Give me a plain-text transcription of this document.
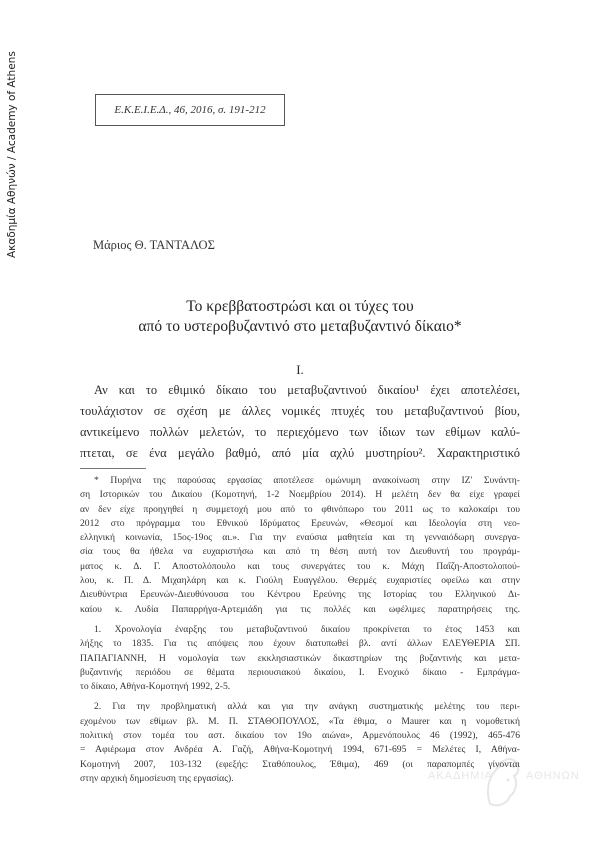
Ακαδημία Αθηνών / Academy of Athens	Ε.Κ.Ε.Ι.Ε.Δ., 46, 2016, σ. 191-212
Μάριος Θ. ΤΑΝΤΑΛΟΣ
Το κρεββατοστρώσι και οι τύχες του
από το υστεροβυζαντινό στο μεταβυζαντινό δίκαιο*
Ι.
Αν και το εθιμικό δίκαιο του μεταβυζαντινού δικαίου¹ έχει αποτελέσει,
τουλάχιστον σε σχέση με άλλες νομικές πτυχές του μεταβυζαντινού βίου,
αντικείμενο πολλών μελετών, το περιεχόμενο των ίδιων των εθίμων καλύ-
πτεται, σε ένα μεγάλο βαθμό, από μία αχλύ μυστηρίου². Χαρακτηριστικό
* Πυρήνα της παρούσας εργασίας αποτέλεσε ομώνυμη ανακοίνωση στην ΙΖ' Συνάντη-
ση Ιστορικών του Δικαίου (Κομοτηνή, 1-2 Νοεμβρίου 2014). Η μελέτη δεν θα είχε γραφεί
αν δεν είχε προηγηθεί η συμμετοχή μου από το φθινόπωρο του 2011 ως το καλοκαίρι του
2012 στο πρόγραμμα του Εθνικού Ιδρύματος Ερευνών, «Θεσμοί και Ιδεολογία στη νεο-
ελληνική κοινωνία, 15ος-19ος αι.». Για την εναύσια μαθητεία και τη γενναιόδωρη συνεργα-
σία τους θα ήθελα να ευχαριστήσω και από τη θέση αυτή τον Διευθυντή του προγράμ-
ματος κ. Δ. Γ. Αποστολόπουλο και τους συνεργάτες του κ. Μάχη Παΐζη-Αποστολοπού-
λου, κ. Π. Δ. Μιχαηλάρη και κ. Γιούλη Ευαγγέλου. Θερμές ευχαριστίες οφείλω και στην
Διευθύντρια Ερευνών-Διευθύνουσα του Κέντρου Ερεύνης της Ιστορίας του Ελληνικού Δι-
καίου κ. Λυδία Παπαρρήγα-Αρτεμιάδη για τις πολλές και ωφέλιμες παρατηρήσεις της.
1. Χρονολογία έναρξης του μεταβυζαντινού δικαίου προκρίνεται το έτος 1453 και
λήξης το 1835. Για τις απόψεις που έχουν διατυπωθεί βλ. αντί άλλων ΕΛΕΥΘΕΡΙΑ ΣΠ.
ΠΑΠΑΓΙΑΝΝΗ, Η νομολογία των εκκλησιαστικών δικαστηρίων της βυζαντινής και μετα-
βυζαντινής περιόδου σε θέματα περιουσιακού δικαίου, Ι. Ενοχικό δίκαιο - Εμπράγμα-
το δίκαιο, Αθήνα-Κομοτηνή 1992, 2-5.
2. Για την προβληματική αλλά και για την ανάγκη συστηματικής μελέτης του περι-
εχομένου των εθίμων βλ. Μ. Π. ΣΤΑΘΟΠΟΥΛΟΣ, «Τα έθιμα, ο Maurer και η νομοθετική
πολιτική στον τομέα του αστ. δικαίου τον 19ο αιώνα», Αρμενόπουλος 46 (1992), 465-476
= Αφιέρωμα στον Ανδρέα Α. Γαζή, Αθήνα-Κομοτηνή 1994, 671-695 = Μελέτες Ι, Αθήνα-
Κομοτηνή 2007, 103-132 (εφεξής: Σταθόπουλος, Έθιμα), 469 (οι παραπομπές γίνονται
στην αρχική δημοσίευση της εργασίας).	ΑΚΑΔΗΜΙΑ	ΑΘΗΝΩΝ
